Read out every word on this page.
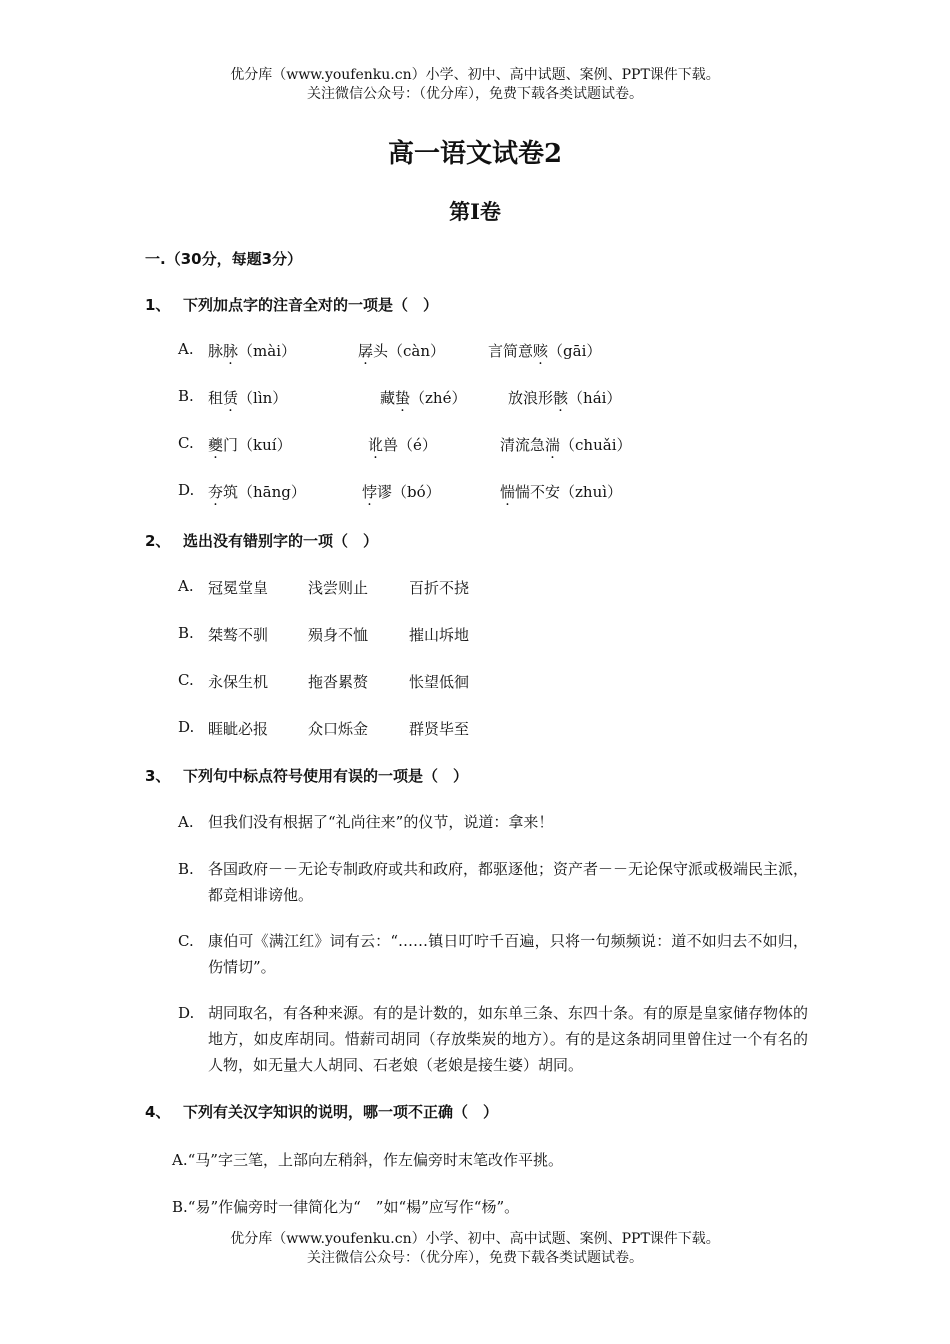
优分库（www.youfenku.cn）小学、初中、高中试题、案例、PPT课件下载。
关注微信公众号：（优分库），免费下载各类试题试卷。
高一语文试卷2
第Ⅰ卷
一.（30分，每题3分）
1、 下列加点字的注音全对的一项是（　）
A. 脉脉（mài）	孱头（càn）	言简意赅（gāi）
B. 租赁（lìn）	藏蛰（zhé）	放浪形骸（hái）
C. 夔门（kuí）	讹兽（é）	清流急湍（chuǎi）
D. 夯筑（hāng）	悖谬（bó）	惴惴不安（zhuì）
2、 选出没有错别字的一项（　）
A. 冠冕堂皇	浅尝则止	百折不挠
B. 桀骜不驯	殒身不恤	摧山坼地
C. 永保生机	拖沓累赘	怅望低徊
D. 睚眦必报	众口烁金	群贤毕至
3、 下列句中标点符号使用有误的一项是（　）
A. 但我们没有根据了“礼尚往来”的仪节，说道：拿来！
B. 各国政府－－无论专制政府或共和政府，都驱逐他；资产者－－无论保守派或极端民主派，都竞相诽谤他。
C. 康伯可《满江红》词有云：“……镇日叮咛千百遍，只将一句频频说：道不如归去不如归，伤情切”。
D. 胡同取名，有各种来源。有的是计数的，如东单三条、东四十条。有的原是皇家储存物体的地方，如皮库胡同。惜薪司胡同（存放柴炭的地方）。有的是这条胡同里曾住过一个有名的人物，如无量大人胡同、石老娘（老娘是接生婆）胡同。
4、 下列有关汉字知识的说明，哪一项不正确（　）
A.“马”字三笔，上部向左稍斜，作左偏旁时末笔改作平挑。
B.“易”作偏旁时一律简化为“　”如“楊”应写作“杨”。
优分库（www.youfenku.cn）小学、初中、高中试题、案例、PPT课件下载。
关注微信公众号：（优分库），免费下载各类试题试卷。
